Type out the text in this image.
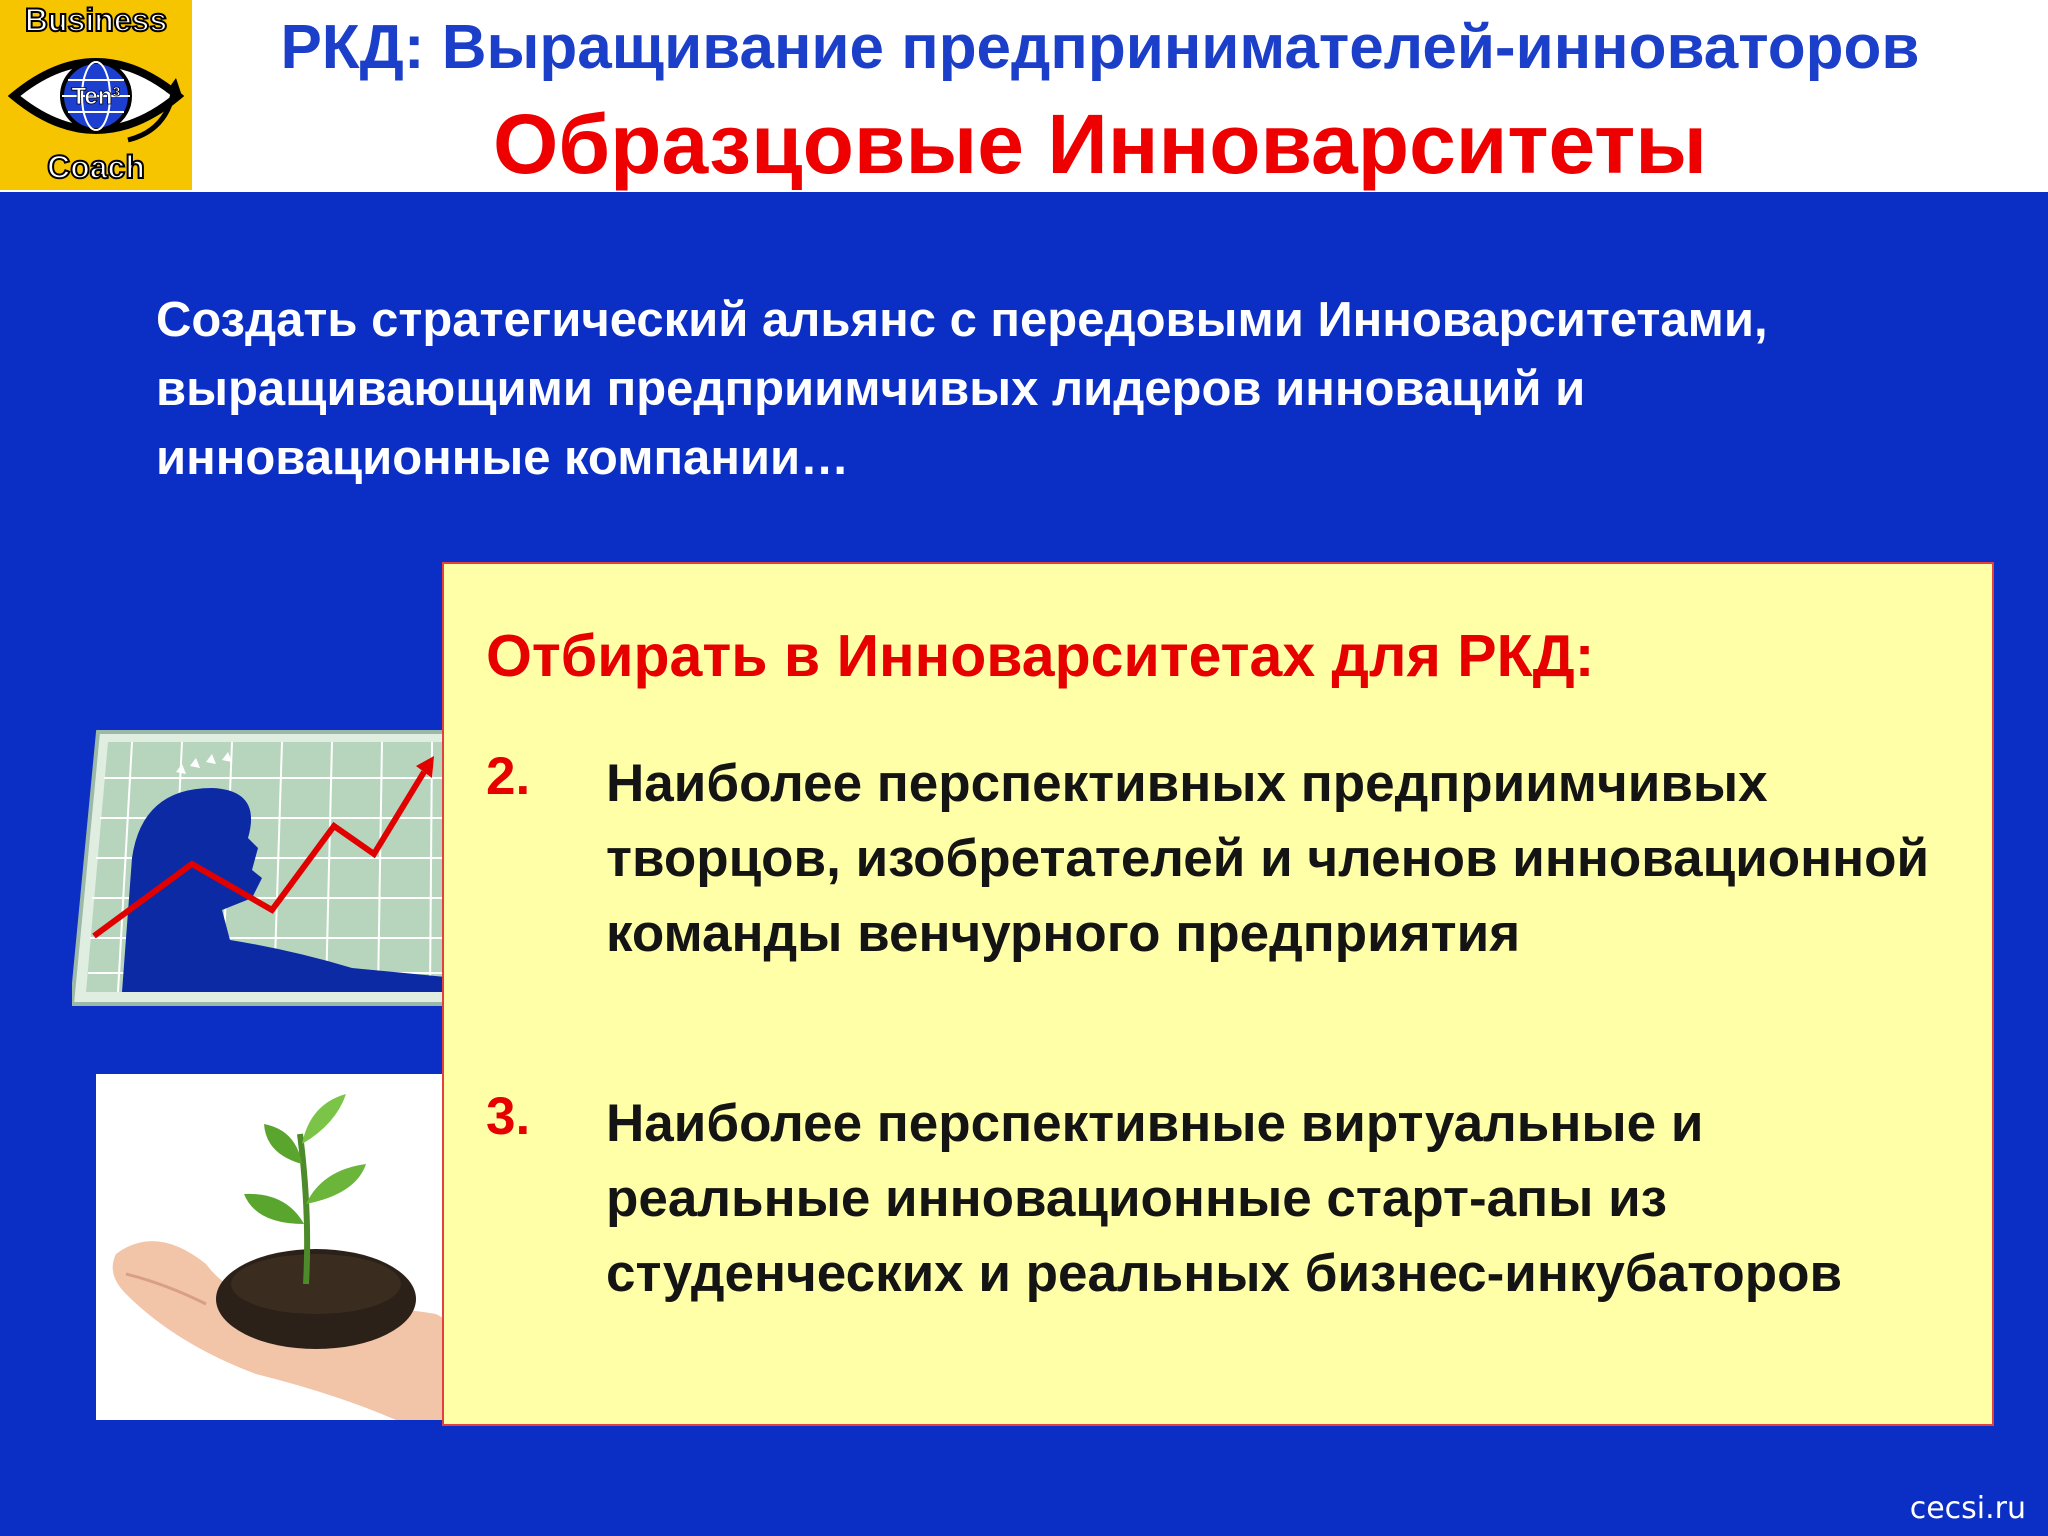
Business
Ten³
Coach
РКД: Выращивание предпринимателей-инноваторов
Образцовые Инноварситеты
Создать стратегический альянс с передовыми Инноварситетами, выращивающими предприимчивых лидеров инноваций и инновационные компании…
Отбирать в Инноварситетах для РКД:
2. Наиболее перспективных предприимчивых творцов, изобретателей и членов инновационной команды венчурного предприятия
3. Наиболее перспективные виртуальные и реальные инновационные старт-апы из студенческих и реальных бизнес-инкубаторов
cecsi.ru
